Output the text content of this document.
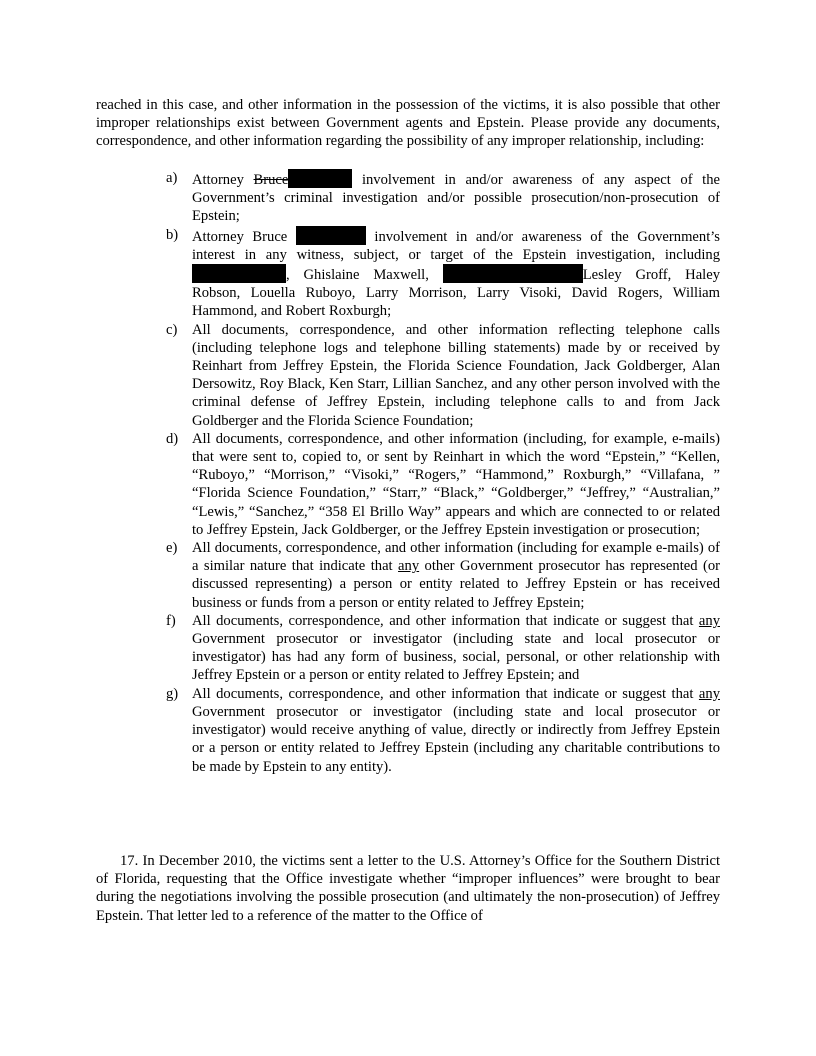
reached in this case, and other information in the possession of the victims, it is also possible that other improper relationships exist between Government agents and Epstein. Please provide any documents, correspondence, and other information regarding the possibility of any improper relationship, including:

a)	Attorney Bruce	involvement in and/or awareness of any aspect of the Government’s criminal investigation and/or possible prosecution/non-prosecution of Epstein;
b) Attorney Bruce	involvement in and/or awareness of the Government’s interest in any witness, subject, or target of the Epstein investigation, including , Ghislaine Maxwell,	Lesley Groff, Haley Robson, Louella Ruboyo, Larry Morrison, Larry Visoki, David Rogers, William Hammond, and Robert Roxburgh;
c)	All documents, correspondence, and other information reflecting telephone calls (including telephone logs and telephone billing statements) made by or received by Reinhart from Jeffrey Epstein, the Florida Science Foundation, Jack Goldberger, Alan Dersowitz, Roy Black, Ken Starr, Lillian Sanchez, and any other person involved with the criminal defense of Jeffrey Epstein, including telephone calls to and from Jack Goldberger and the Florida Science Foundation;
d) All documents, correspondence, and other information (including, for example, e-mails) that were sent to, copied to, or sent by Reinhart in which the word “Epstein,” “Kellen, “Ruboyo,” “Morrison,” “Visoki,” “Rogers,” “Hammond,” Roxburgh,” “Villafana, ” “Florida Science Foundation,” “Starr,” “Black,” “Goldberger,” “Jeffrey,” “Australian,” “Lewis,” “Sanchez,” “358 El Brillo Way” appears and which are connected to or related to Jeffrey Epstein, Jack Goldberger, or the Jeffrey Epstein investigation or prosecution;
e)	All documents, correspondence, and other information (including for example e-mails) of a similar nature that indicate that any other Government prosecutor has represented (or discussed representing) a person or entity related to Jeffrey Epstein or has received business or funds from a person or entity related to Jeffrey Epstein;
f)	All documents, correspondence, and other information that indicate or suggest that any Government prosecutor or investigator (including state and local prosecutor or investigator) has had any form of business, social, personal, or other relationship with Jeffrey Epstein or a person or entity related to Jeffrey Epstein; and
g) All documents, correspondence, and other information that indicate or suggest that any Government prosecutor or investigator (including state and local prosecutor or investigator) would receive anything of value, directly or indirectly from Jeffrey Epstein or a person or entity related to Jeffrey Epstein (including any charitable contributions to be made by Epstein to any entity).

17. In December 2010, the victims sent a letter to the U.S. Attorney’s Office for the Southern District of Florida, requesting that the Office investigate whether “improper influences” were brought to bear during the negotiations involving the possible prosecution (and ultimately the non-prosecution) of Jeffrey Epstein. That letter led to a reference of the matter to the Office of
